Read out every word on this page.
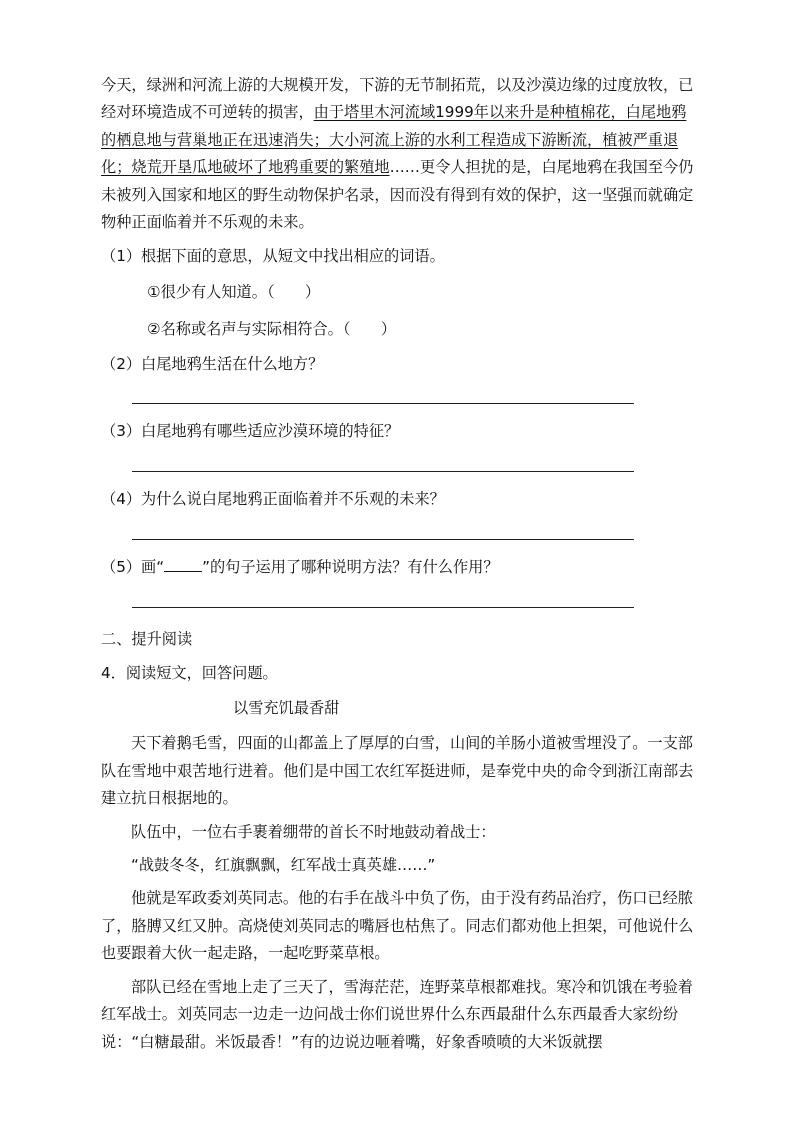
今天，绿洲和河流上游的大规模开发，下游的无节制拓荒，以及沙漠边缘的过度放牧，已经对环境造成不可逆转的损害，由于塔里木河流域1999年以来升是种植棉花，白尾地鸦的栖息地与营巢地正在迅速消失；大小河流上游的水利工程造成下游断流，植被严重退化；烧荒开垦瓜地破坏了地鸦重要的繁殖地……更令人担扰的是，白尾地鸦在我国至今仍未被列入国家和地区的野生动物保护名录，因而没有得到有效的保护，这一坚强而就确定物种正面临着并不乐观的未来。

（1）根据下面的意思，从短文中找出相应的词语。

①很少有人知道。（　　）

②名称或名声与实际相符合。（　　）

（2）白尾地鸦生活在什么地方？

（3）白尾地鸦有哪些适应沙漠环境的特征？

（4）为什么说白尾地鸦正面临着并不乐观的未来？

（5）画“	”的句子运用了哪种说明方法？有什么作用？

二、提升阅读

4．阅读短文，回答问题。

以雪充饥最香甜

天下着鹅毛雪，四面的山都盖上了厚厚的白雪，山间的羊肠小道被雪埋没了。一支部队在雪地中艰苦地行进着。他们是中国工农红军挺进师，是奉党中央的命令到浙江南部去建立抗日根据地的。

队伍中，一位右手裹着绷带的首长不时地鼓动着战士：

“战鼓冬冬，红旗飘飘，红军战士真英雄……”

他就是军政委刘英同志。他的右手在战斗中负了伤，由于没有药品治疗，伤口已经脓了，胳膊又红又肿。高烧使刘英同志的嘴唇也枯焦了。同志们都劝他上担架，可他说什么也要跟着大伙一起走路，一起吃野菜草根。

部队已经在雪地上走了三天了，雪海茫茫，连野菜草根都难找。寒冷和饥饿在考验着红军战士。刘英同志一边走一边问战士你们说世界什么东西最甜什么东西最香大家纷纷说：“白糖最甜。米饭最香！”有的边说边咂着嘴，好象香喷喷的大米饭就摆
